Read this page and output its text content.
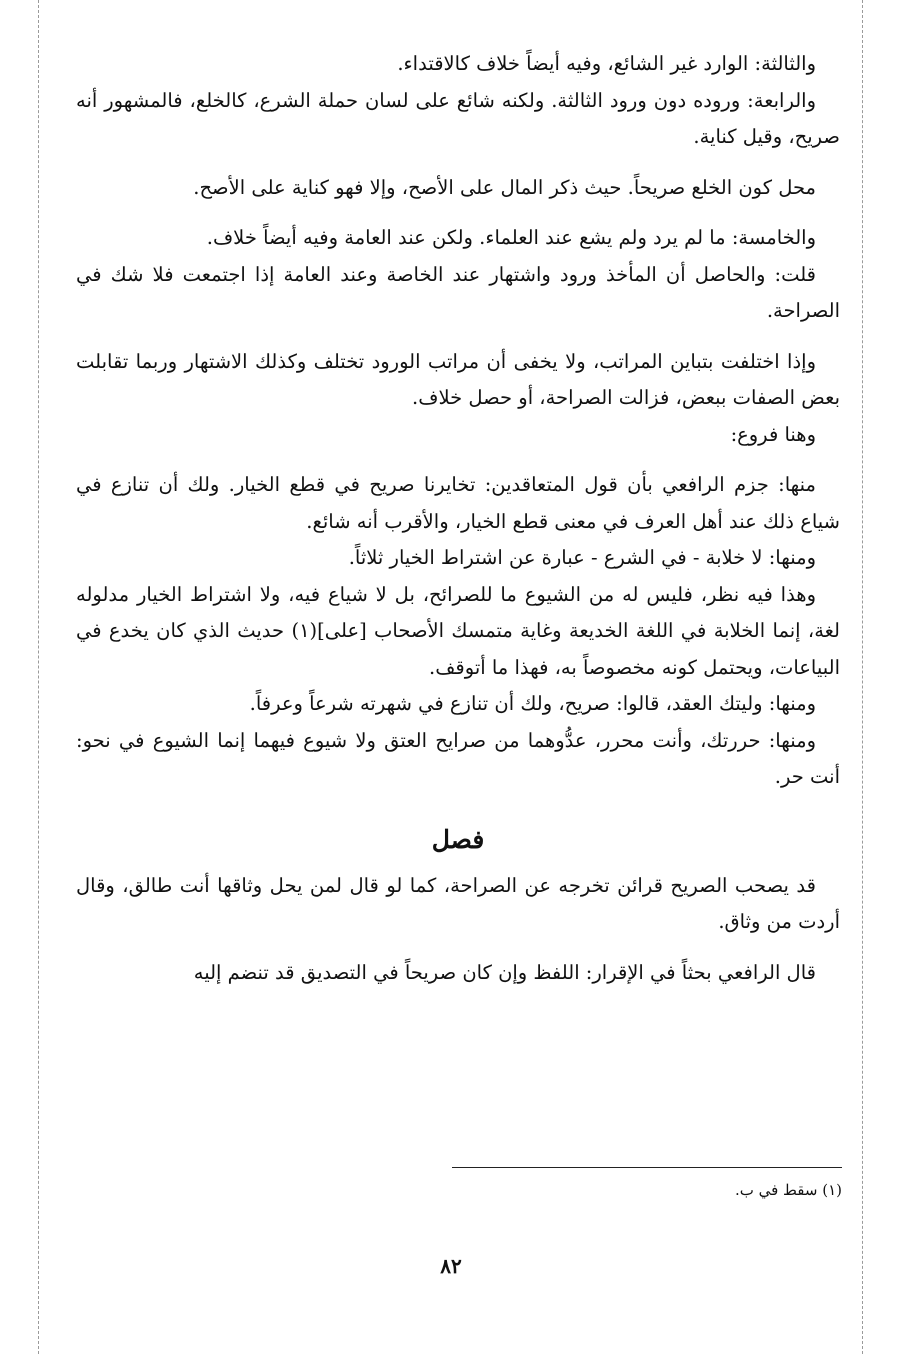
والثالثة: الوارد غير الشائع، وفيه أيضاً خلاف كالاقتداء.

والرابعة: وروده دون ورود الثالثة. ولكنه شائع على لسان حملة الشرع، كالخلع، فالمشهور أنه صريح، وقيل كناية.

محل كون الخلع صريحاً. حيث ذكر المال على الأصح، وإلا فهو كناية على الأصح.

والخامسة: ما لم يرد ولم يشع عند العلماء. ولكن عند العامة وفيه أيضاً خلاف.

قلت: والحاصل أن المأخذ ورود واشتهار عند الخاصة وعند العامة إذا اجتمعت فلا شك في الصراحة.

وإذا اختلفت بتباين المراتب، ولا يخفى أن مراتب الورود تختلف وكذلك الاشتهار وربما تقابلت بعض الصفات ببعض، فزالت الصراحة، أو حصل خلاف.

وهنا فروع:

منها: جزم الرافعي بأن قول المتعاقدين: تخايرنا صريح في قطع الخيار. ولك أن تنازع في شياع ذلك عند أهل العرف في معنى قطع الخيار، والأقرب أنه شائع.

ومنها: لا خلابة - في الشرع - عبارة عن اشتراط الخيار ثلاثاً.

وهذا فيه نظر، فليس له من الشيوع ما للصرائح، بل لا شياع فيه، ولا اشتراط الخيار مدلوله لغة، إنما الخلابة في اللغة الخديعة وغاية متمسك الأصحاب [على](١) حديث الذي كان يخدع في البياعات، ويحتمل كونه مخصوصاً به، فهذا ما أتوقف.

ومنها: وليتك العقد، قالوا: صريح، ولك أن تنازع في شهرته شرعاً وعرفاً.

ومنها: حررتك، وأنت محرر، عدُّوهما من صرايح العتق ولا شيوع فيهما إنما الشيوع في نحو: أنت حر.

فصل

قد يصحب الصريح قرائن تخرجه عن الصراحة، كما لو قال لمن يحل وثاقها أنت طالق، وقال أردت من وثاق.

قال الرافعي بحثاً في الإقرار: اللفظ وإن كان صريحاً في التصديق قد تنضم إليه

(١) سقط في ب.
٨٢
